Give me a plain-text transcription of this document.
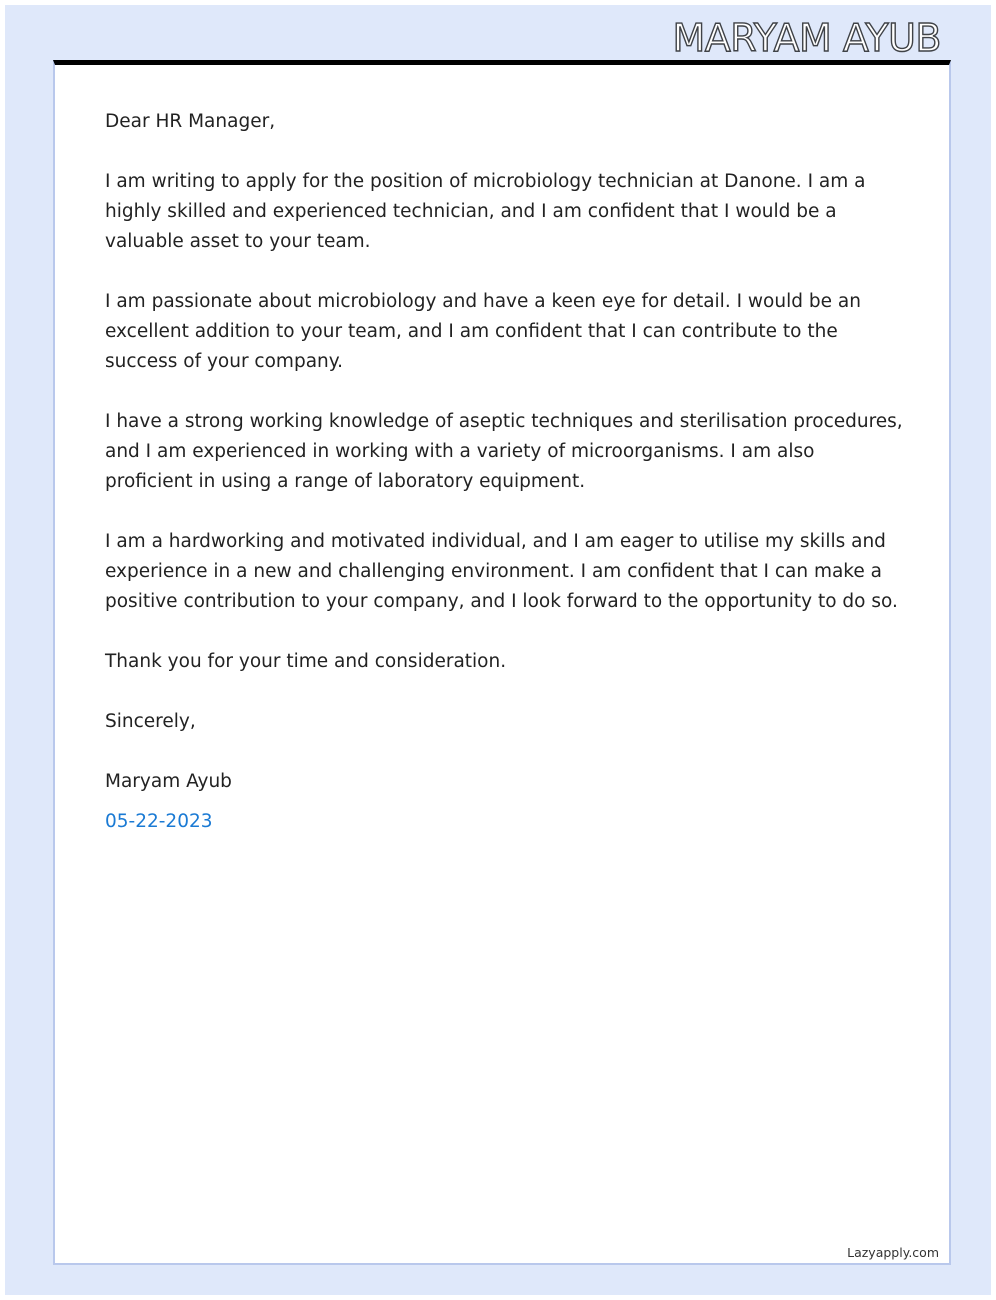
MARYAM AYUB

Dear HR Manager,

I am writing to apply for the position of microbiology technician at Danone. I am a highly skilled and experienced technician, and I am confident that I would be a valuable asset to your team.

I am passionate about microbiology and have a keen eye for detail. I would be an excellent addition to your team, and I am confident that I can contribute to the success of your company.

I have a strong working knowledge of aseptic techniques and sterilisation procedures, and I am experienced in working with a variety of microorganisms. I am also proficient in using a range of laboratory equipment.

I am a hardworking and motivated individual, and I am eager to utilise my skills and experience in a new and challenging environment. I am confident that I can make a positive contribution to your company, and I look forward to the opportunity to do so.

Thank you for your time and consideration.

Sincerely,

Maryam Ayub

05-22-2023

Lazyapply.com
